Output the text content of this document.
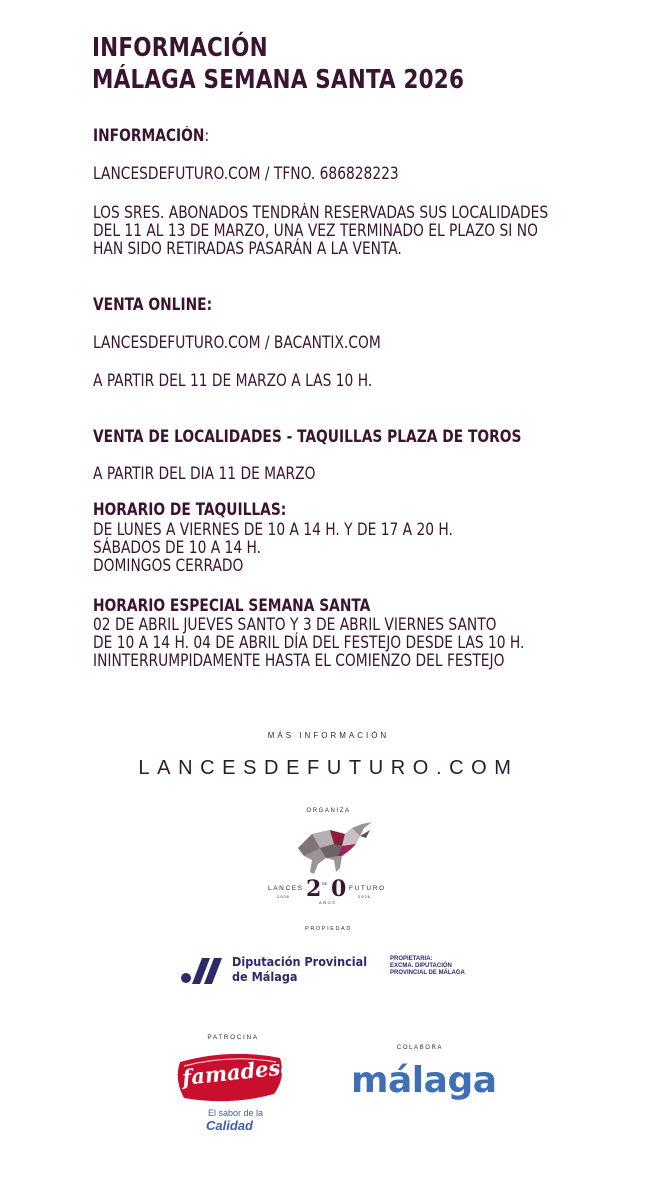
INFORMACIÓN
MÁLAGA SEMANA SANTA 2026
INFORMACIÓN:
LANCESDEFUTURO.COM / TFNO. 686828223
LOS SRES. ABONADOS TENDRÁN RESERVADAS SUS LOCALIDADES
DEL 11 AL 13 DE MARZO, UNA VEZ TERMINADO EL PLAZO SI NO
HAN SIDO RETIRADAS PASARÁN A LA VENTA.
VENTA ONLINE:
LANCESDEFUTURO.COM / BACANTIX.COM
A PARTIR DEL 11 DE MARZO A LAS 10 H.
VENTA DE LOCALIDADES - TAQUILLAS PLAZA DE TOROS
A PARTIR DEL DIA 11 DE MARZO
HORARIO DE TAQUILLAS:
DE LUNES A VIERNES DE 10 A 14 H. Y DE 17 A 20 H.
SÁBADOS DE 10 A 14 H.
DOMINGOS CERRADO
HORARIO ESPECIAL SEMANA SANTA
02 DE ABRIL JUEVES SANTO Y 3 DE ABRIL VIERNES SANTO
DE 10 A 14 H. 04 DE ABRIL DÍA DEL FESTEJO DESDE LAS 10 H.
ININTERRUMPIDAMENTE HASTA EL COMIENZO DEL FESTEJO
MÁS INFORMACIÓN
LANCESDEFUTURO.COM
ORGANIZA
LANCES
2006 2 DE 0 FUTURO
2026
AÑOS
PROPIEDAD
Diputación Provincial
de Málaga
PROPIETARIA:
EXCMA. DIPUTACIÓN
PROVINCIAL DE MÁLAGA
PATROCINA
famadesa
El sabor de la
Calidad
COLABORA
málaga
